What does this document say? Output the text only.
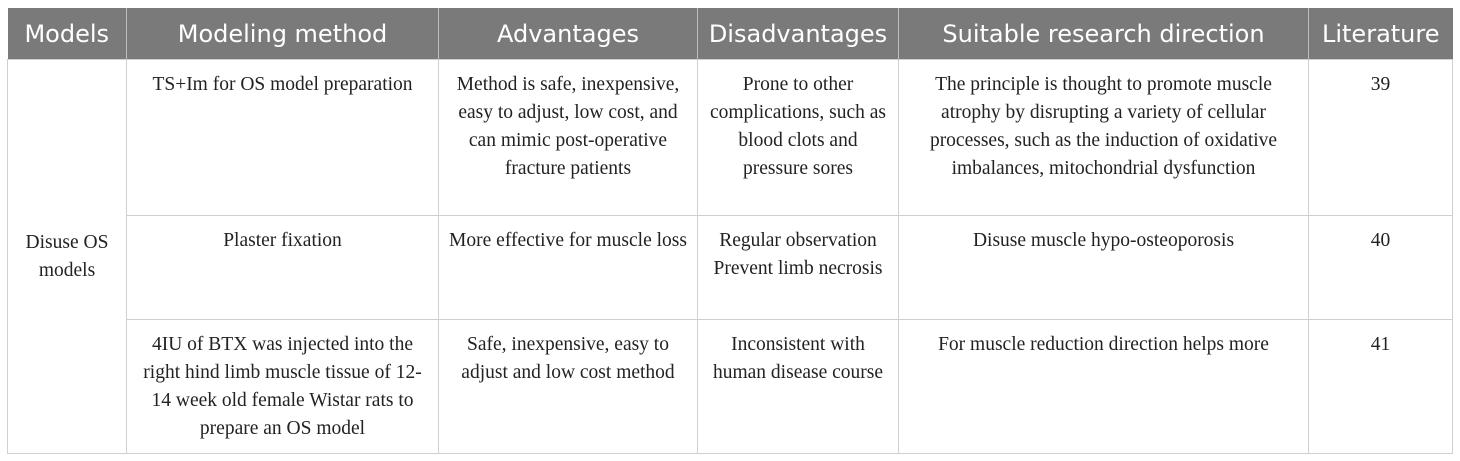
Models	Modeling method	Advantages	Disadvantages	Suitable research direction	Literature
Disuse OS models	TS+Im for OS model preparation	Method is safe, inexpensive, easy to adjust, low cost, and can mimic post-operative fracture patients	Prone to other complications, such as blood clots and pressure sores	The principle is thought to promote muscle atrophy by disrupting a variety of cellular processes, such as the induction of oxidative imbalances, mitochondrial dysfunction	39
	Plaster fixation	More effective for muscle loss	Regular observation Prevent limb necrosis	Disuse muscle hypo-osteoporosis	40
	4IU of BTX was injected into the right hind limb muscle tissue of 12-14 week old female Wistar rats to prepare an OS model	Safe, inexpensive, easy to adjust and low cost method	Inconsistent with human disease course	For muscle reduction direction helps more	41
